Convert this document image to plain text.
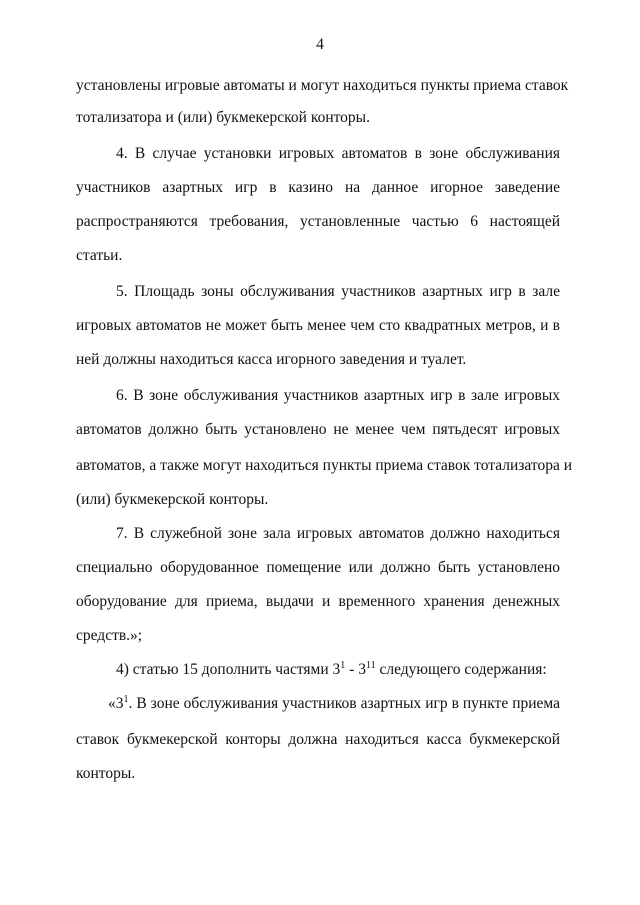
4
установлены игровые автоматы и могут находиться пункты приема ставок
тотализатора и (или) букмекерской конторы.
4. В случае установки игровых автоматов в зоне обслуживания
участников азартных игр в казино на данное игорное заведение
распространяются требования, установленные частью 6 настоящей
статьи.
5. Площадь зоны обслуживания участников азартных игр в зале
игровых автоматов не может быть менее чем сто квадратных метров, и в
ней должны находиться касса игорного заведения и туалет.
6. В зоне обслуживания участников азартных игр в зале игровых
автоматов должно быть установлено не менее чем пятьдесят игровых
автоматов, а также могут находиться пункты приема ставок тотализатора и
(или) букмекерской конторы.
7. В служебной зоне зала игровых автоматов должно находиться
специально оборудованное помещение или должно быть установлено
оборудование для приема, выдачи и временного хранения денежных
средств.»;
4) статью 15 дополнить частями $3^1 - 3^{11}$ следующего содержания:
«$3^1$. В зоне обслуживания участников азартных игр в пункте приема
ставок букмекерской конторы должна находиться касса букмекерской
конторы.
